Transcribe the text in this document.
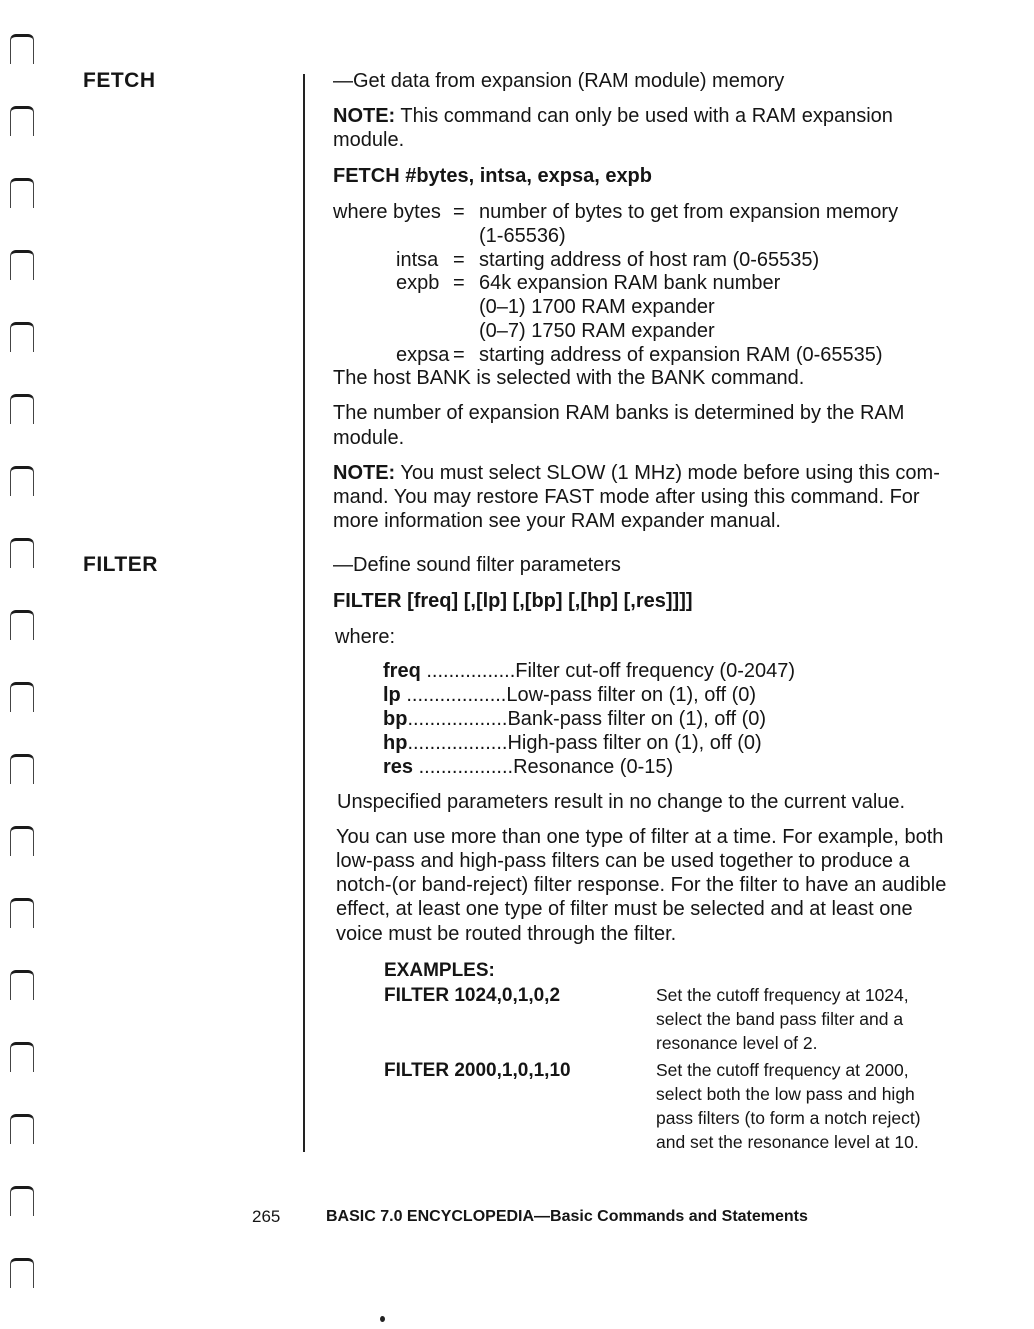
FETCH
FILTER
—Get data from expansion (RAM module) memory
NOTE: This command can only be used with a RAM expansion
module.
FETCH #bytes, intsa, expsa, expb
where bytes = number of bytes to get from expansion memory
(1-65536)
intsa = starting address of host ram (0-65535)
expb = 64k expansion RAM bank number
(0–1) 1700 RAM expander
(0–7) 1750 RAM expander
expsa = starting address of expansion RAM (0-65535)
The host BANK is selected with the BANK command.
The number of expansion RAM banks is determined by the RAM
module.
NOTE: You must select SLOW (1 MHz) mode before using this com-
mand. You may restore FAST mode after using this command. For
more information see your RAM expander manual.
—Define sound filter parameters
FILTER [freq] [,[lp] [,[bp] [,[hp] [,res]]]]
where:
freq ................Filter cut-off frequency (0-2047)
lp ..................Low-pass filter on (1), off (0)
bp..................Bank-pass filter on (1), off (0)
hp..................High-pass filter on (1), off (0)
res .................Resonance (0-15)
Unspecified parameters result in no change to the current value.
You can use more than one type of filter at a time. For example, both
low-pass and high-pass filters can be used together to produce a
notch-(or band-reject) filter response. For the filter to have an audible
effect, at least one type of filter must be selected and at least one
voice must be routed through the filter.
EXAMPLES:
FILTER 1024,0,1,0,2	Set the cutoff frequency at 1024,
select the band pass filter and a
resonance level of 2.
FILTER 2000,1,0,1,10	Set the cutoff frequency at 2000,
select both the low pass and high
pass filters (to form a notch reject)
and set the resonance level at 10.
265	BASIC 7.0 ENCYCLOPEDIA—Basic Commands and Statements
